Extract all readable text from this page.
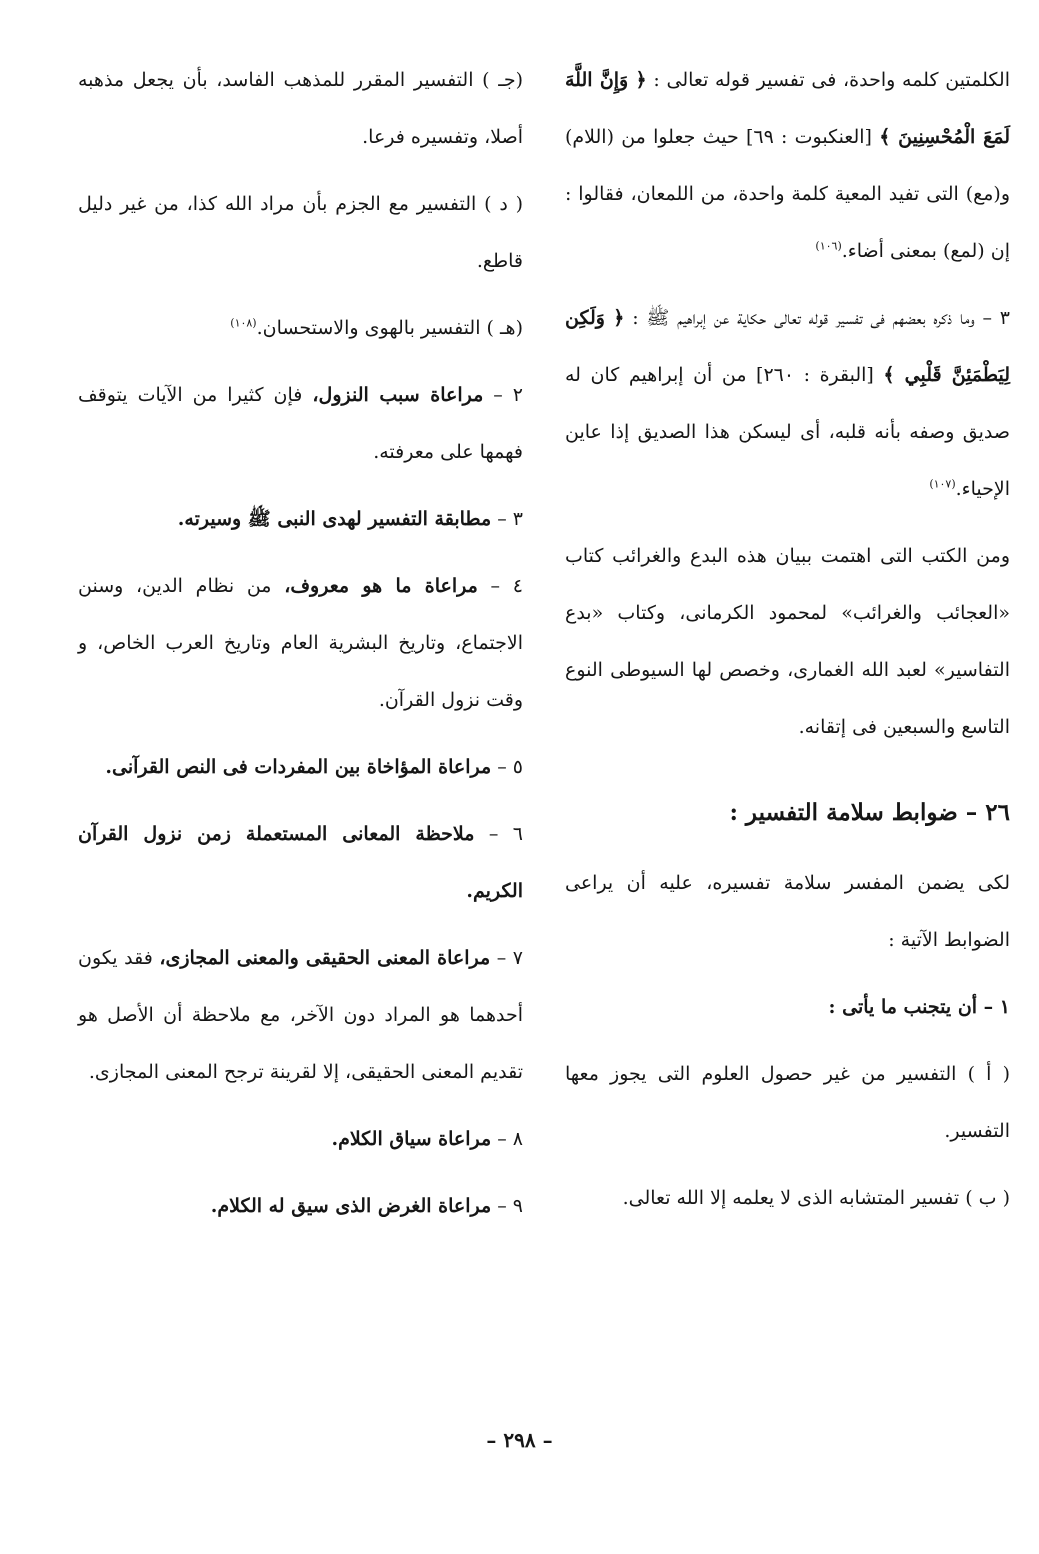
الكلمتين كلمه واحدة، فى تفسير قوله تعالى : ﴿ وَإِنَّ اللَّهَ لَمَعَ الْمُحْسِنِينَ ﴾ [العنكبوت : ٦٩] حيث جعلوا من (اللام) و(مع) التى تفيد المعية كلمة واحدة، من اللمعان، فقالوا : إن (لمع) بمعنى أضاء.$^{(١٠٦)}$

٣ – وما ذكره بعضهم فى تفسير قوله تعالى حكاية عن إبراهيم ﷺ : ﴿ وَلَكِن لِيَطْمَئِنَّ قَلْبِي ﴾ [البقرة : ٢٦٠] من أن إبراهيم كان له صديق وصفه بأنه قلبه، أى ليسكن هذا الصديق إذا عاين الإحياء.$^{(١٠٧)}$

ومن الكتب التى اهتمت ببيان هذه البدع والغرائب كتاب «العجائب والغرائب» لمحمود الكرمانى، وكتاب «بدع التفاسير» لعبد الله الغمارى، وخصص لها السيوطى النوع التاسع والسبعين فى إتقانه.

٢٦ – ضوابط سلامة التفسير :

لكى يضمن المفسر سلامة تفسيره، عليه أن يراعى الضوابط الآتية :

١ – أن يتجنب ما يأتى :

( أ ) التفسير من غير حصول العلوم التى يجوز معها التفسير.

( ب ) تفسير المتشابه الذى لا يعلمه إلا الله تعالى.

(جـ ) التفسير المقرر للمذهب الفاسد، بأن يجعل مذهبه أصلا، وتفسيره فرعا.

( د ) التفسير مع الجزم بأن مراد الله كذا، من غير دليل قاطع.

(هـ ) التفسير بالهوى والاستحسان.$^{(١٠٨)}$

٢ – مراعاة سبب النزول، فإن كثيرا من الآيات يتوقف فهمها على معرفته.

٣ – مطابقة التفسير لهدى النبى ﷺ وسيرته.

٤ – مراعاة ما هو معروف، من نظام الدين، وسنن الاجتماع، وتاريخ البشرية العام وتاريخ العرب الخاص، و وقت نزول القرآن.

٥ – مراعاة المؤاخاة بين المفردات فى النص القرآنى.

٦ – ملاحظة المعانى المستعملة زمن نزول القرآن الكريم.

٧ – مراعاة المعنى الحقيقى والمعنى المجازى، فقد يكون أحدهما هو المراد دون الآخر، مع ملاحظة أن الأصل هو تقديم المعنى الحقيقى، إلا لقرينة ترجح المعنى المجازى.

٨ – مراعاة سياق الكلام.

٩ – مراعاة الغرض الذى سيق له الكلام.

– ٢٩٨ –
